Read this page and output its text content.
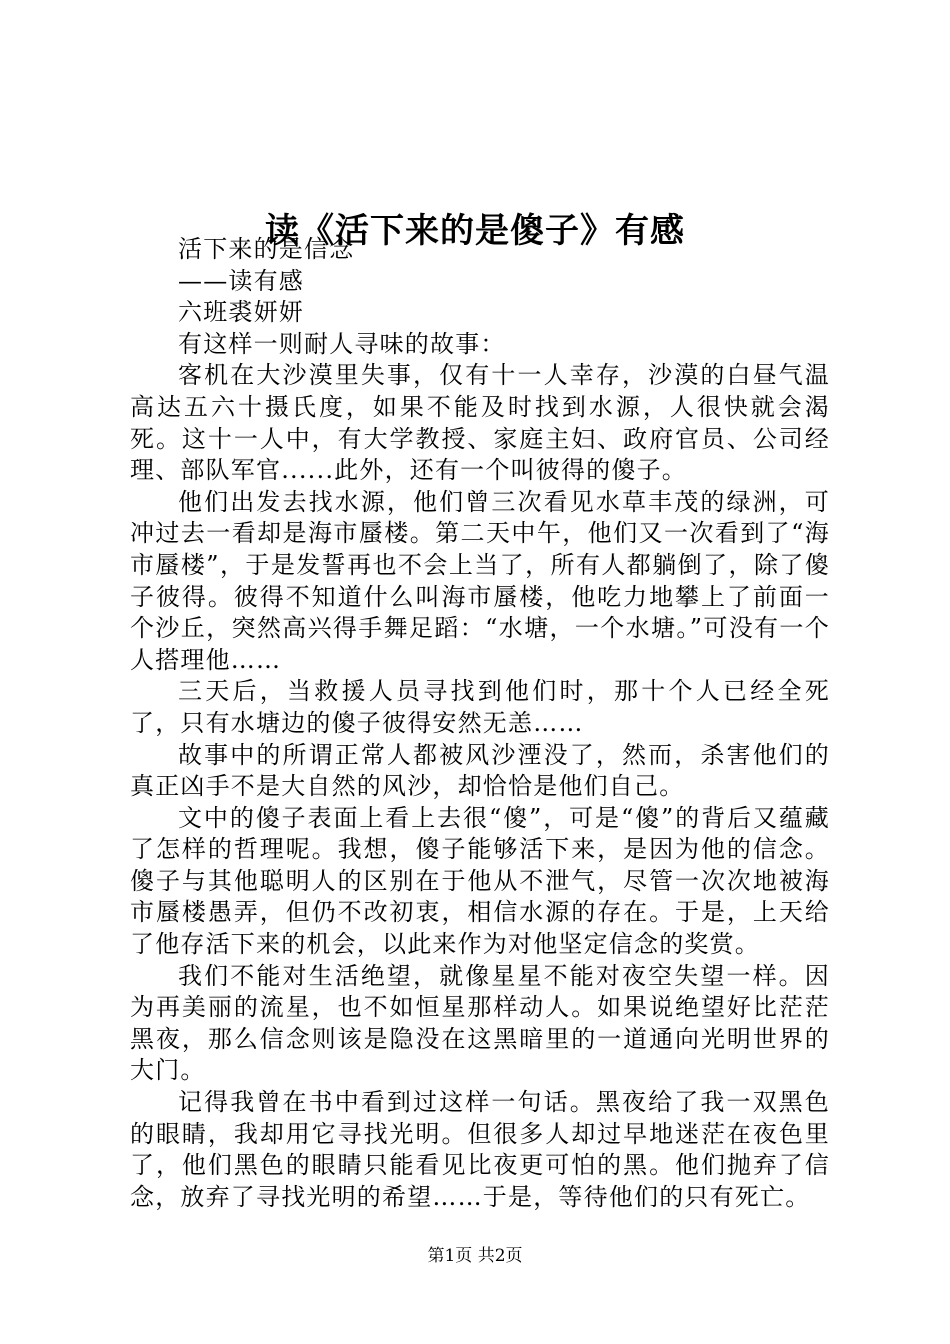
读《活下来的是傻子》有感

活下来的是信念

——读有感

六班裘妍妍

有这样一则耐人寻味的故事：

客机在大沙漠里失事，仅有十一人幸存，沙漠的白昼气温高达五六十摄氏度，如果不能及时找到水源，人很快就会渴死。这十一人中，有大学教授、家庭主妇、政府官员、公司经理、部队军官......此外，还有一个叫彼得的傻子。

他们出发去找水源，他们曾三次看见水草丰茂的绿洲，可冲过去一看却是海市蜃楼。第二天中午，他们又一次看到了“海市蜃楼”，于是发誓再也不会上当了，所有人都躺倒了，除了傻子彼得。彼得不知道什么叫海市蜃楼，他吃力地攀上了前面一个沙丘，突然高兴得手舞足蹈：“水塘，一个水塘。”可没有一个人搭理他……

三天后，当救援人员寻找到他们时，那十个人已经全死了，只有水塘边的傻子彼得安然无恙……

故事中的所谓正常人都被风沙湮没了，然而，杀害他们的真正凶手不是大自然的风沙，却恰恰是他们自己。

文中的傻子表面上看上去很“傻”，可是“傻”的背后又蕴藏了怎样的哲理呢。我想，傻子能够活下来，是因为他的信念。傻子与其他聪明人的区别在于他从不泄气，尽管一次次地被海市蜃楼愚弄，但仍不改初衷，相信水源的存在。于是，上天给了他存活下来的机会，以此来作为对他坚定信念的奖赏。

我们不能对生活绝望，就像星星不能对夜空失望一样。因为再美丽的流星，也不如恒星那样动人。如果说绝望好比茫茫黑夜，那么信念则该是隐没在这黑暗里的一道通向光明世界的大门。

记得我曾在书中看到过这样一句话。黑夜给了我一双黑色的眼睛，我却用它寻找光明。但很多人却过早地迷茫在夜色里了，他们黑色的眼睛只能看见比夜更可怕的黑。他们抛弃了信念，放弃了寻找光明的希望……于是，等待他们的只有死亡。

第1页 共2页
